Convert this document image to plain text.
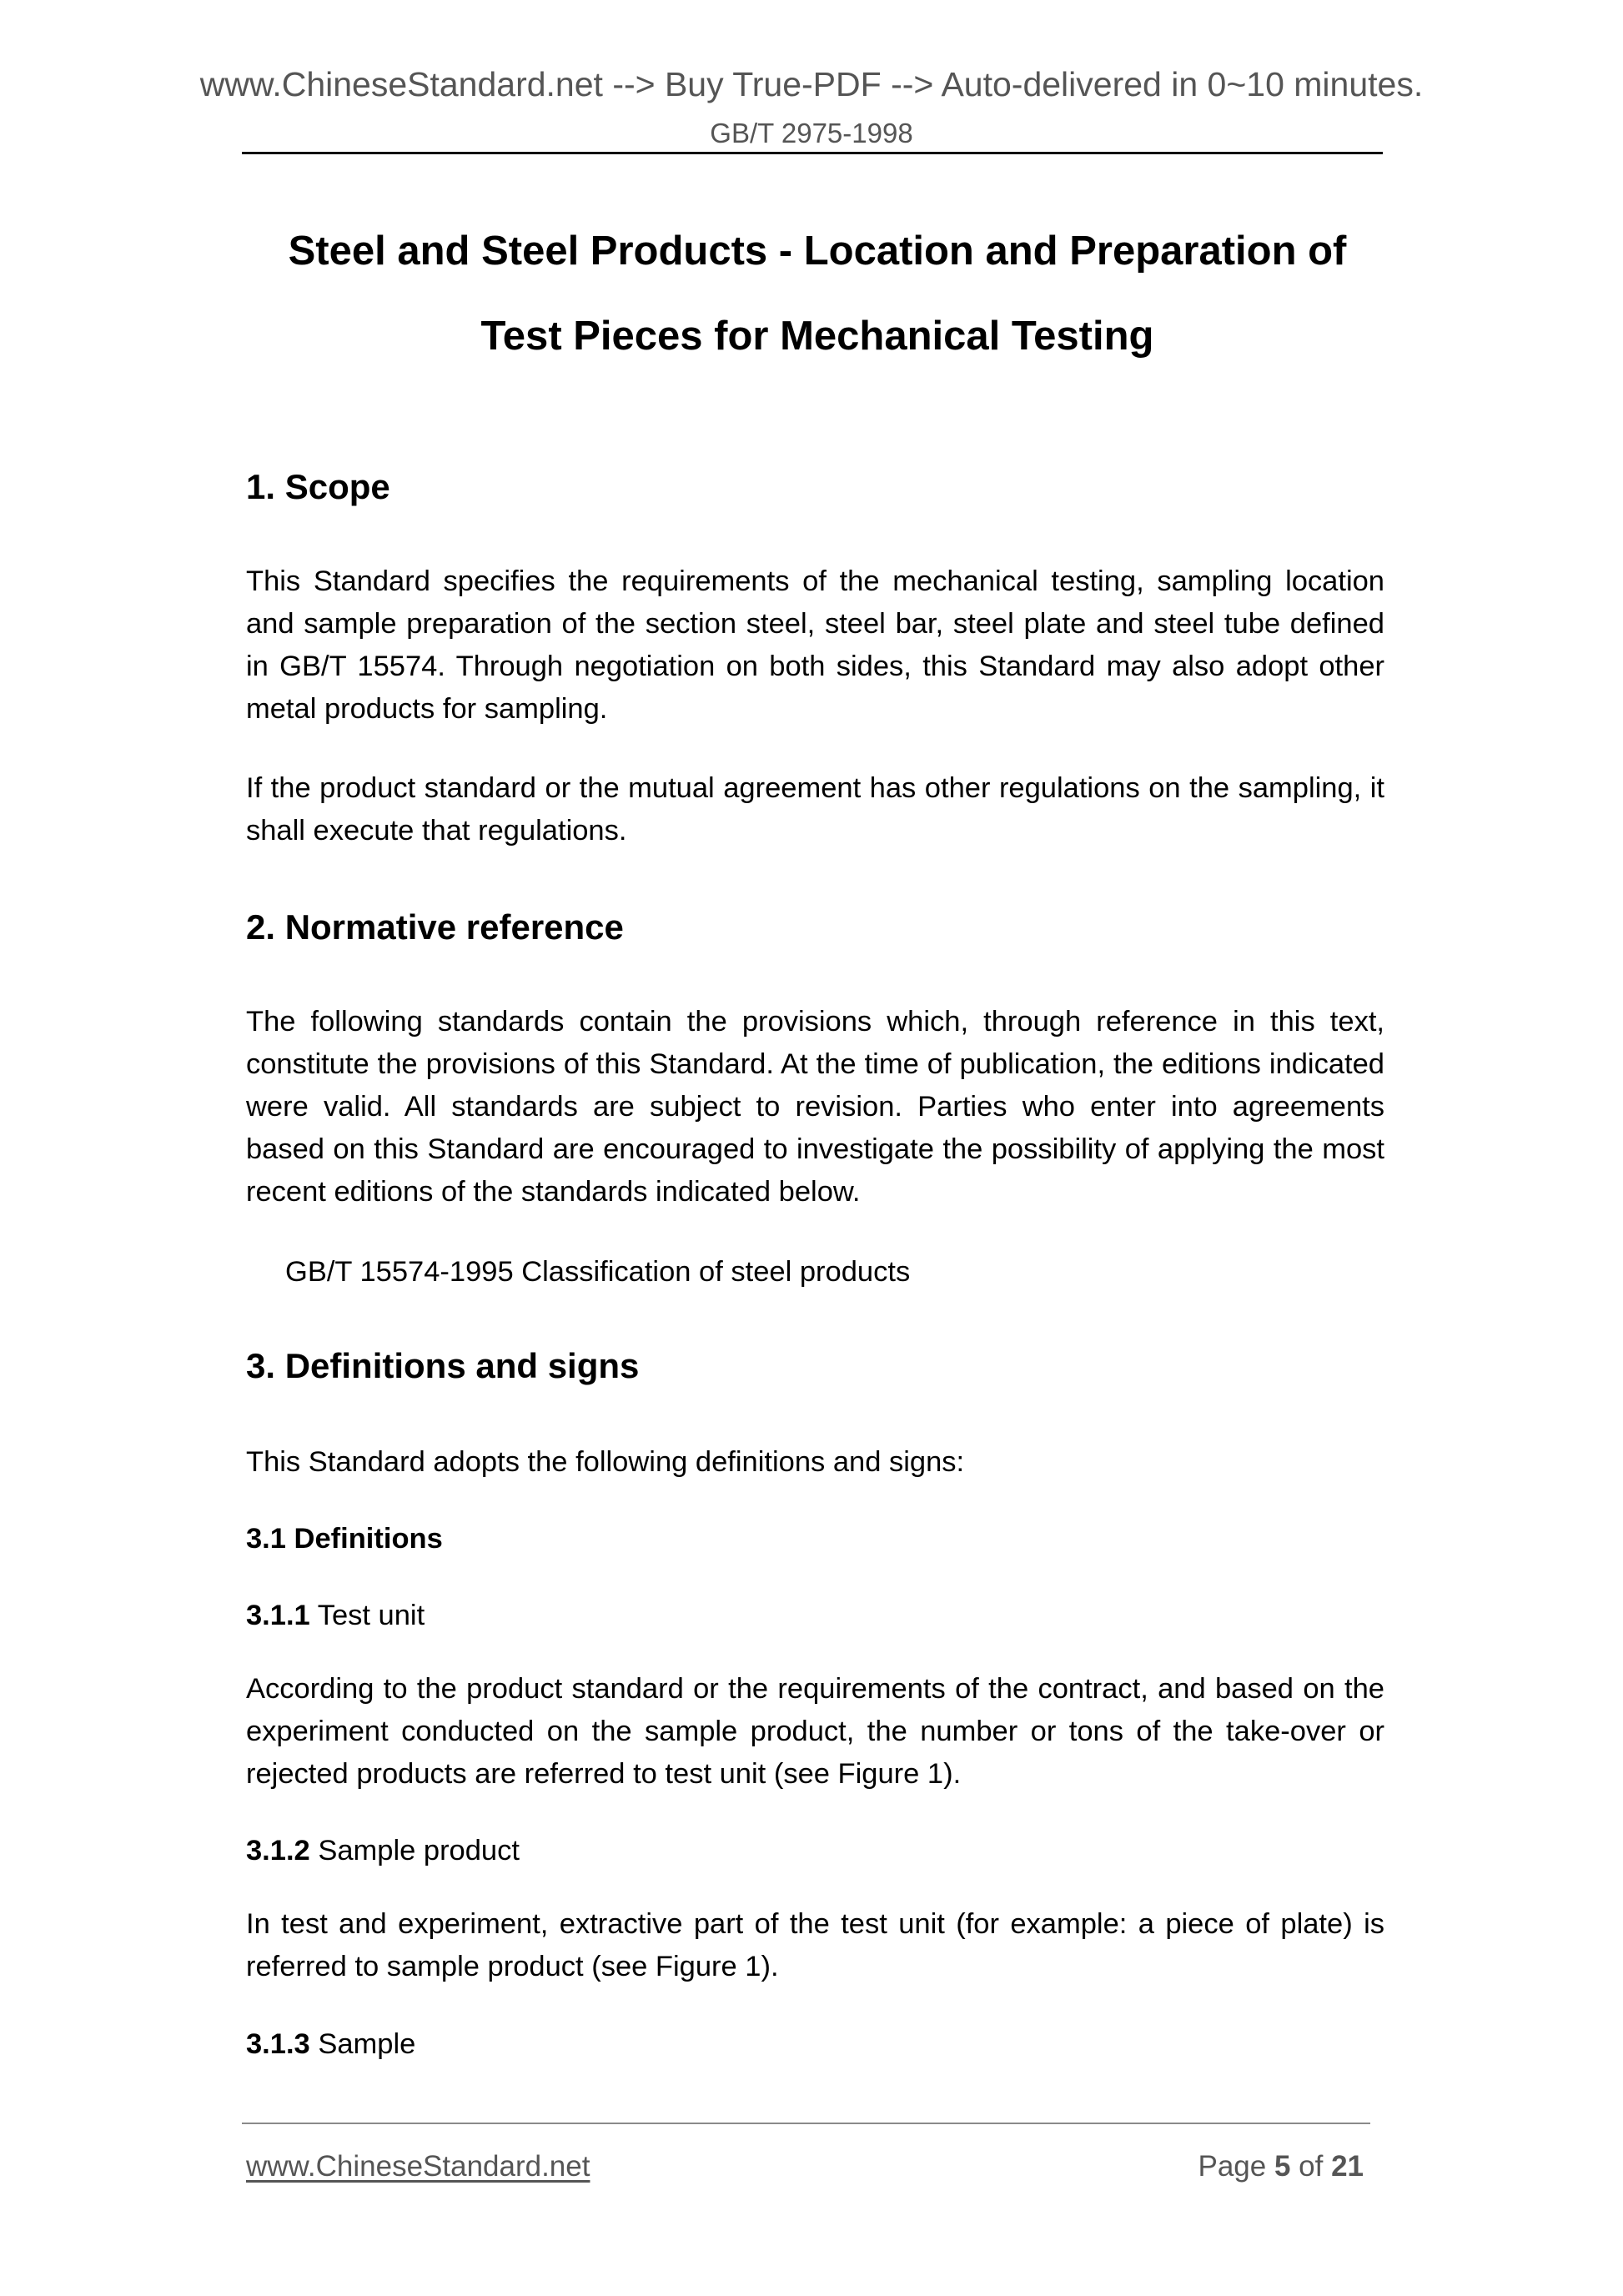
www.ChineseStandard.net --> Buy True-PDF --> Auto-delivered in 0~10 minutes.
GB/T 2975-1998
Steel and Steel Products - Location and Preparation of
Test Pieces for Mechanical Testing
1. Scope
This Standard specifies the requirements of the mechanical testing, sampling location and sample preparation of the section steel, steel bar, steel plate and steel tube defined in GB/T 15574. Through negotiation on both sides, this Standard may also adopt other metal products for sampling.
If the product standard or the mutual agreement has other regulations on the sampling, it shall execute that regulations.
2. Normative reference
The following standards contain the provisions which, through reference in this text, constitute the provisions of this Standard. At the time of publication, the editions indicated were valid. All standards are subject to revision. Parties who enter into agreements based on this Standard are encouraged to investigate the possibility of applying the most recent editions of the standards indicated below.
GB/T 15574-1995 Classification of steel products
3. Definitions and signs
This Standard adopts the following definitions and signs:
3.1 Definitions
3.1.1 Test unit
According to the product standard or the requirements of the contract, and based on the experiment conducted on the sample product, the number or tons of the take-over or rejected products are referred to test unit (see Figure 1).
3.1.2 Sample product
In test and experiment, extractive part of the test unit (for example: a piece of plate) is referred to sample product (see Figure 1).
3.1.3 Sample
www.ChineseStandard.net	Page 5 of 21
